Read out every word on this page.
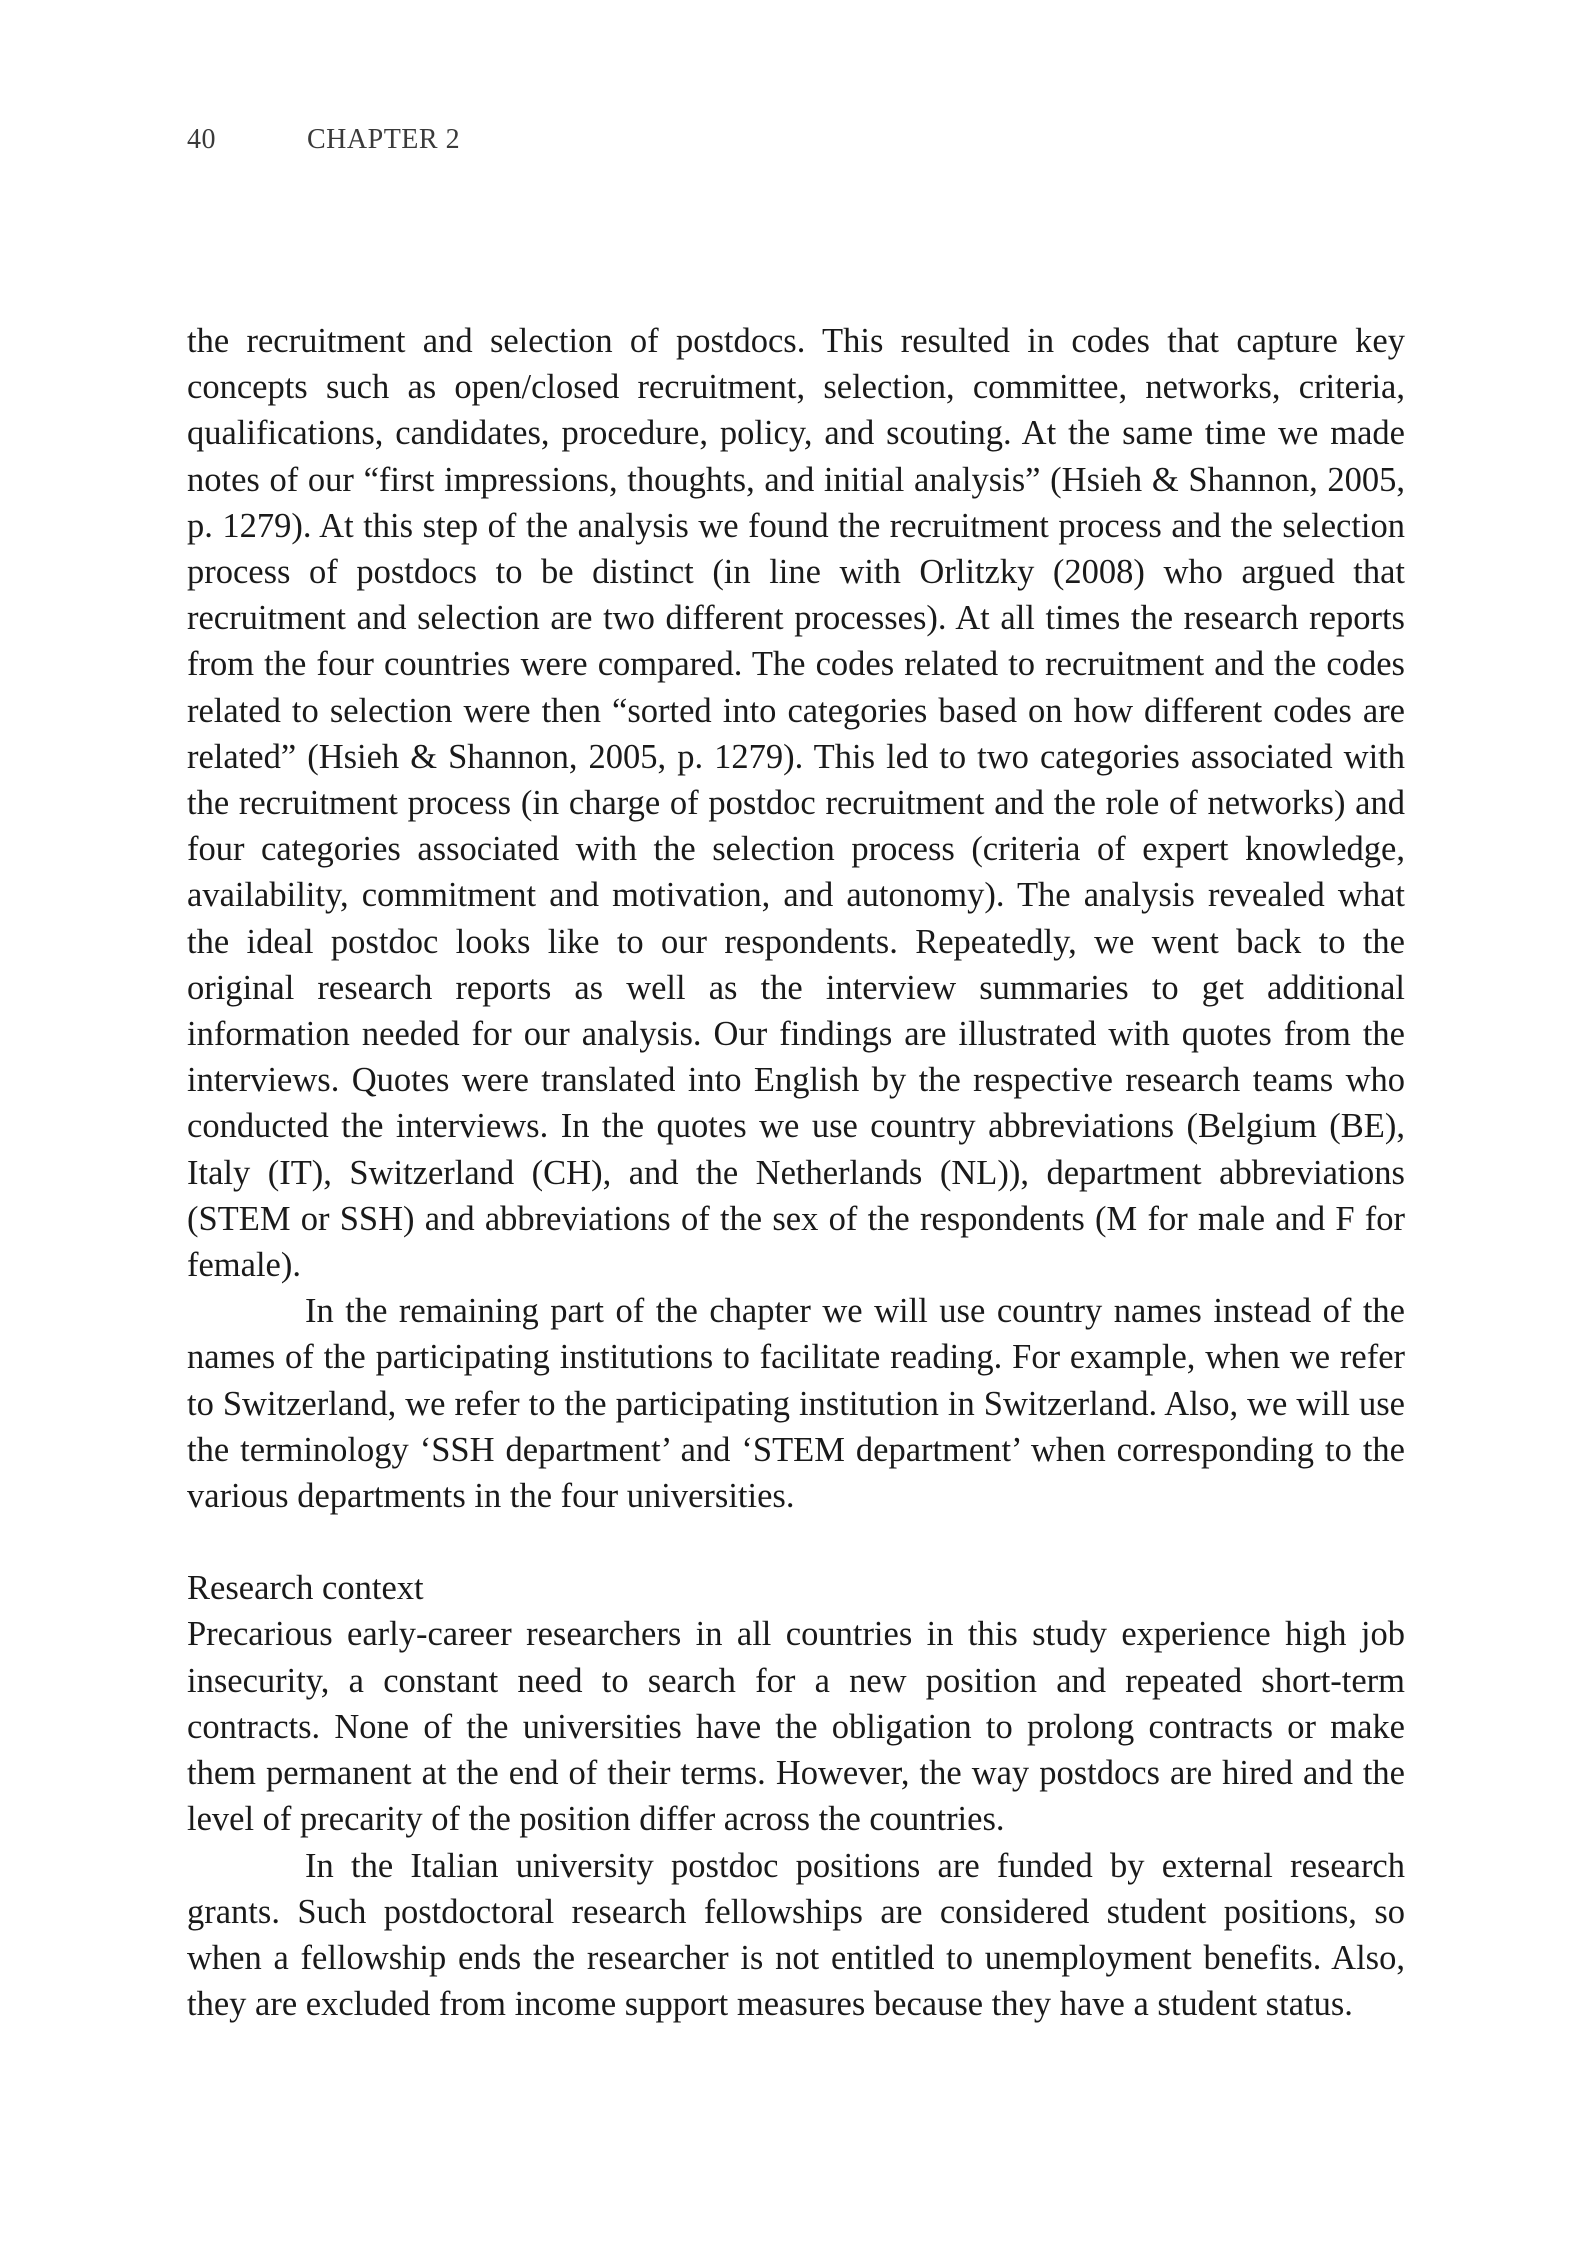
40	CHAPTER 2

the recruitment and selection of postdocs. This resulted in codes that capture key concepts such as open/closed recruitment, selection, committee, networks, criteria, qualifications, candidates, procedure, policy, and scouting. At the same time we made notes of our “first impressions, thoughts, and initial analysis” (Hsieh & Shannon, 2005, p. 1279). At this step of the analysis we found the recruitment process and the selection process of postdocs to be distinct (in line with Orlitzky (2008) who argued that recruitment and selection are two different processes). At all times the research reports from the four countries were compared. The codes related to recruitment and the codes related to selection were then “sorted into categories based on how different codes are related” (Hsieh & Shannon, 2005, p. 1279). This led to two categories associated with the recruitment process (in charge of postdoc recruitment and the role of networks) and four categories associated with the selection process (criteria of expert knowledge, availability, commitment and motivation, and autonomy). The analysis revealed what the ideal postdoc looks like to our respondents. Repeatedly, we went back to the original research reports as well as the interview summaries to get additional information needed for our analysis. Our findings are illustrated with quotes from the interviews. Quotes were translated into English by the respective research teams who conducted the interviews. In the quotes we use country abbreviations (Belgium (BE), Italy (IT), Switzerland (CH), and the Netherlands (NL)), department abbreviations (STEM or SSH) and abbreviations of the sex of the respondents (M for male and F for female).

In the remaining part of the chapter we will use country names instead of the names of the participating institutions to facilitate reading. For example, when we refer to Switzerland, we refer to the participating institution in Switzerland. Also, we will use the terminology ‘SSH department’ and ‘STEM department’ when corresponding to the various departments in the four universities.

Research context

Precarious early-career researchers in all countries in this study experience high job insecurity, a constant need to search for a new position and repeated short-term contracts. None of the universities have the obligation to prolong contracts or make them permanent at the end of their terms. However, the way postdocs are hired and the level of precarity of the position differ across the countries.

In the Italian university postdoc positions are funded by external research grants. Such postdoctoral research fellowships are considered student positions, so when a fellowship ends the researcher is not entitled to unemployment benefits. Also, they are excluded from income support measures because they have a student status.
